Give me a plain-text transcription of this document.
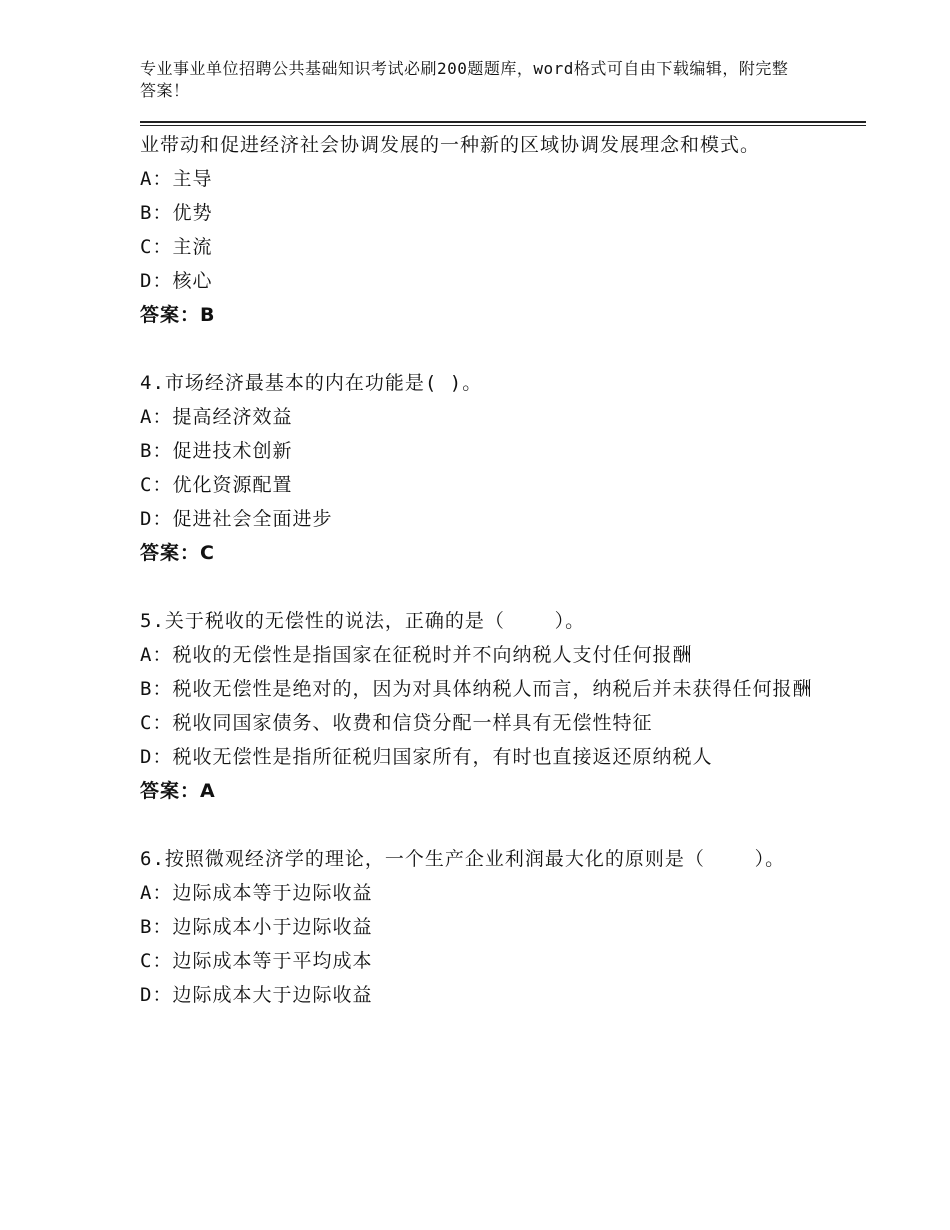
专业事业单位招聘公共基础知识考试必刷200题题库，word格式可自由下载编辑，附完整答案！
业带动和促进经济社会协调发展的一种新的区域协调发展理念和模式。
A：主导
B：优势
C：主流
D：核心
答案：B
4.市场经济最基本的内在功能是( )。
A：提高经济效益
B：促进技术创新
C：优化资源配置
D：促进社会全面进步
答案：C
5.关于税收的无偿性的说法，正确的是（    ）。
A：税收的无偿性是指国家在征税时并不向纳税人支付任何报酬
B：税收无偿性是绝对的，因为对具体纳税人而言，纳税后并未获得任何报酬
C：税收同国家债务、收费和信贷分配一样具有无偿性特征
D：税收无偿性是指所征税归国家所有，有时也直接返还原纳税人
答案：A
6.按照微观经济学的理论，一个生产企业利润最大化的原则是（    ）。
A：边际成本等于边际收益
B：边际成本小于边际收益
C：边际成本等于平均成本
D：边际成本大于边际收益
